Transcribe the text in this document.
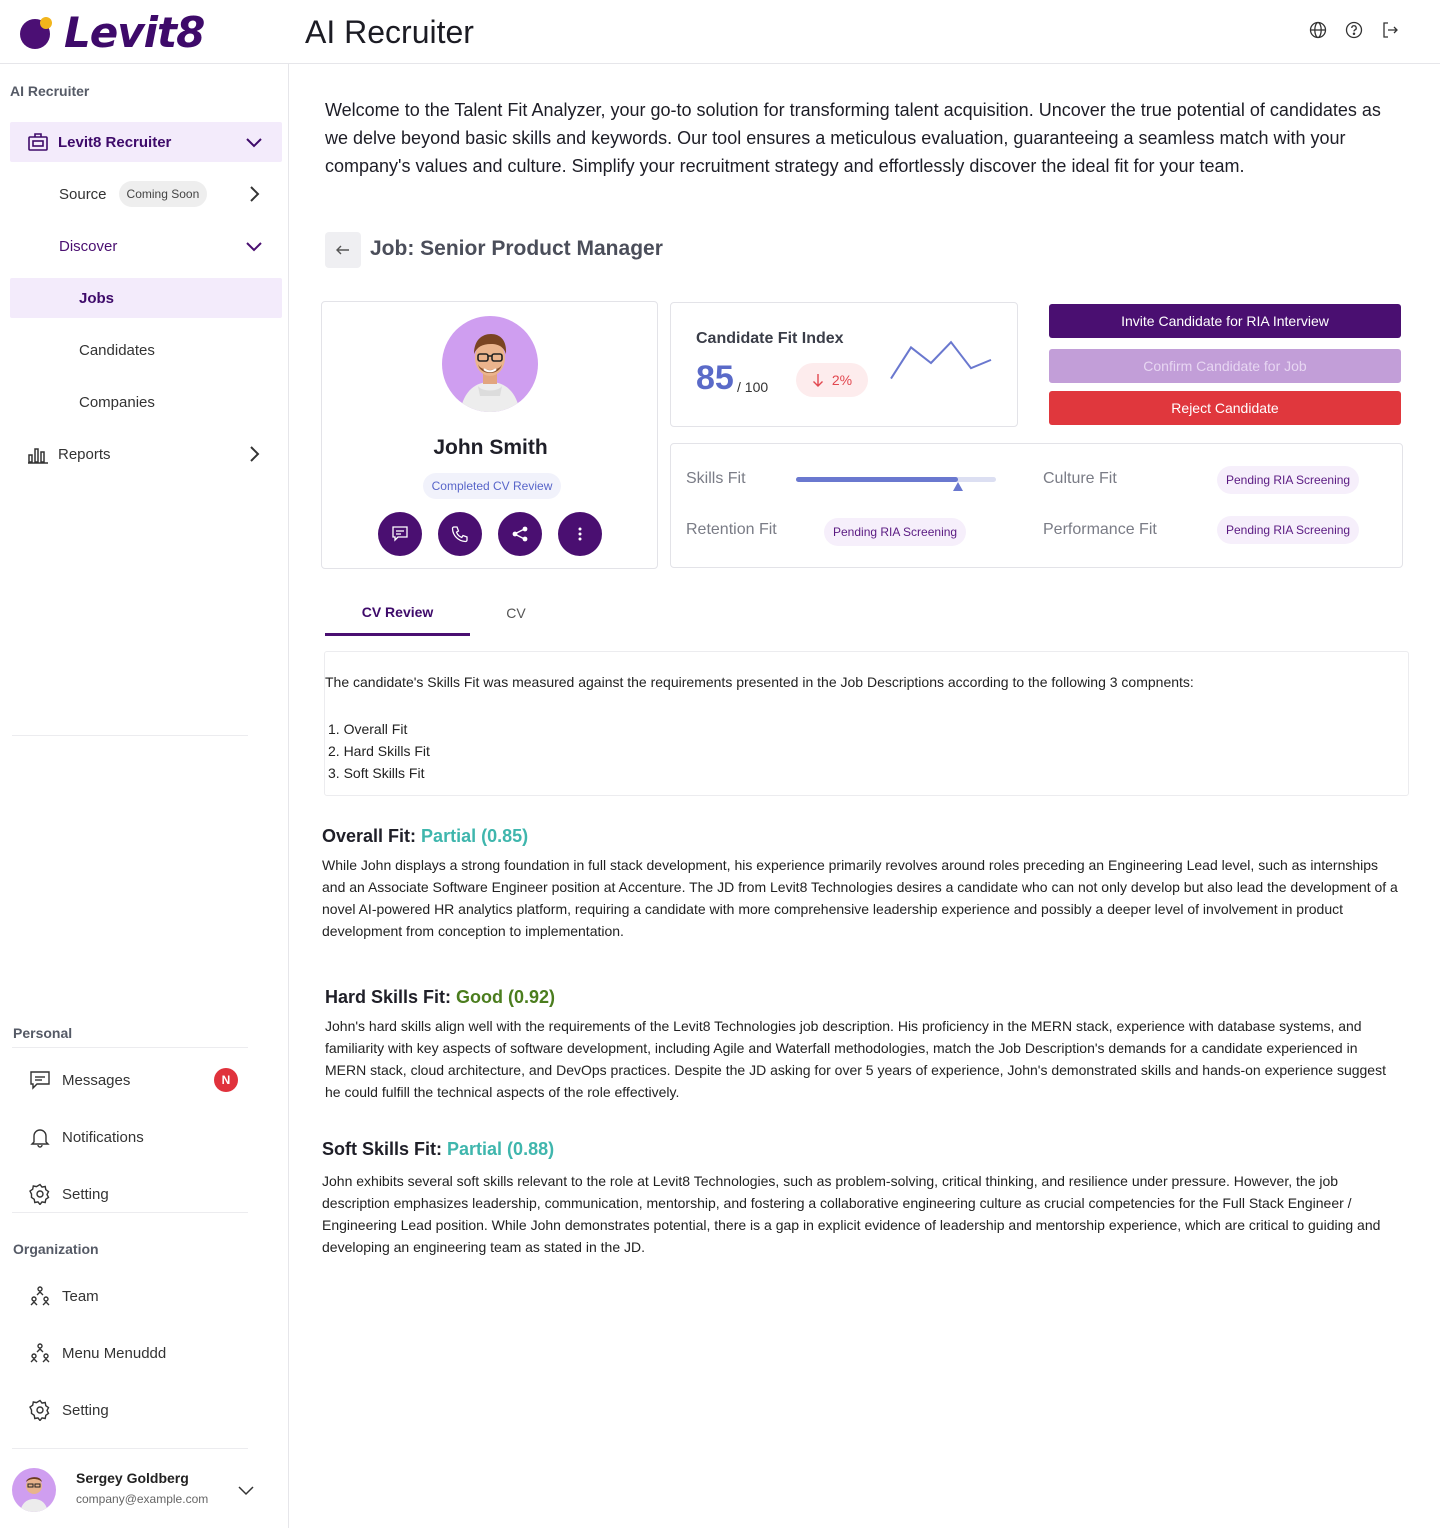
Levit8	AI Recruiter
AI Recruiter
Levit8 Recruiter
Source	Coming Soon
Discover
Jobs
Candidates
Companies
Reports
Personal
Messages	N
Notifications
Setting
Organization
Team
Menu Menuddd
Setting
Sergey Goldberg
company@example.com
Welcome to the Talent Fit Analyzer, your go-to solution for transforming talent acquisition. Uncover the true potential of candidates as we delve beyond basic skills and keywords. Our tool ensures a meticulous evaluation, guaranteeing a seamless match with your company's values and culture. Simplify your recruitment strategy and effortlessly discover the ideal fit for your team.
Job: Senior Product Manager
John Smith
Completed CV Review
Candidate Fit Index
85 / 100	2%
Invite Candidate for RIA Interview
Confirm Candidate for Job
Reject Candidate
Skills Fit	Culture Fit	Pending RIA Screening
Retention Fit	Pending RIA Screening	Performance Fit	Pending RIA Screening
CV Review	CV
The candidate's Skills Fit was measured against the requirements presented in the Job Descriptions according to the following 3 compnents:
1. Overall Fit
2. Hard Skills Fit
3. Soft Skills Fit
Overall Fit: Partial (0.85)
While John displays a strong foundation in full stack development, his experience primarily revolves around roles preceding an Engineering Lead level, such as internships and an Associate Software Engineer position at Accenture. The JD from Levit8 Technologies desires a candidate who can not only develop but also lead the development of a novel AI-powered HR analytics platform, requiring a candidate with more comprehensive leadership experience and possibly a deeper level of involvement in product development from conception to implementation.
Hard Skills Fit: Good (0.92)
John's hard skills align well with the requirements of the Levit8 Technologies job description. His proficiency in the MERN stack, experience with database systems, and familiarity with key aspects of software development, including Agile and Waterfall methodologies, match the Job Description's demands for a candidate experienced in MERN stack, cloud architecture, and DevOps practices. Despite the JD asking for over 5 years of experience, John's demonstrated skills and hands-on experience suggest he could fulfill the technical aspects of the role effectively.
Soft Skills Fit: Partial (0.88)
John exhibits several soft skills relevant to the role at Levit8 Technologies, such as problem-solving, critical thinking, and resilience under pressure. However, the job description emphasizes leadership, communication, mentorship, and fostering a collaborative engineering culture as crucial competencies for the Full Stack Engineer / Engineering Lead position. While John demonstrates potential, there is a gap in explicit evidence of leadership and mentorship experience, which are critical to guiding and developing an engineering team as stated in the JD.
